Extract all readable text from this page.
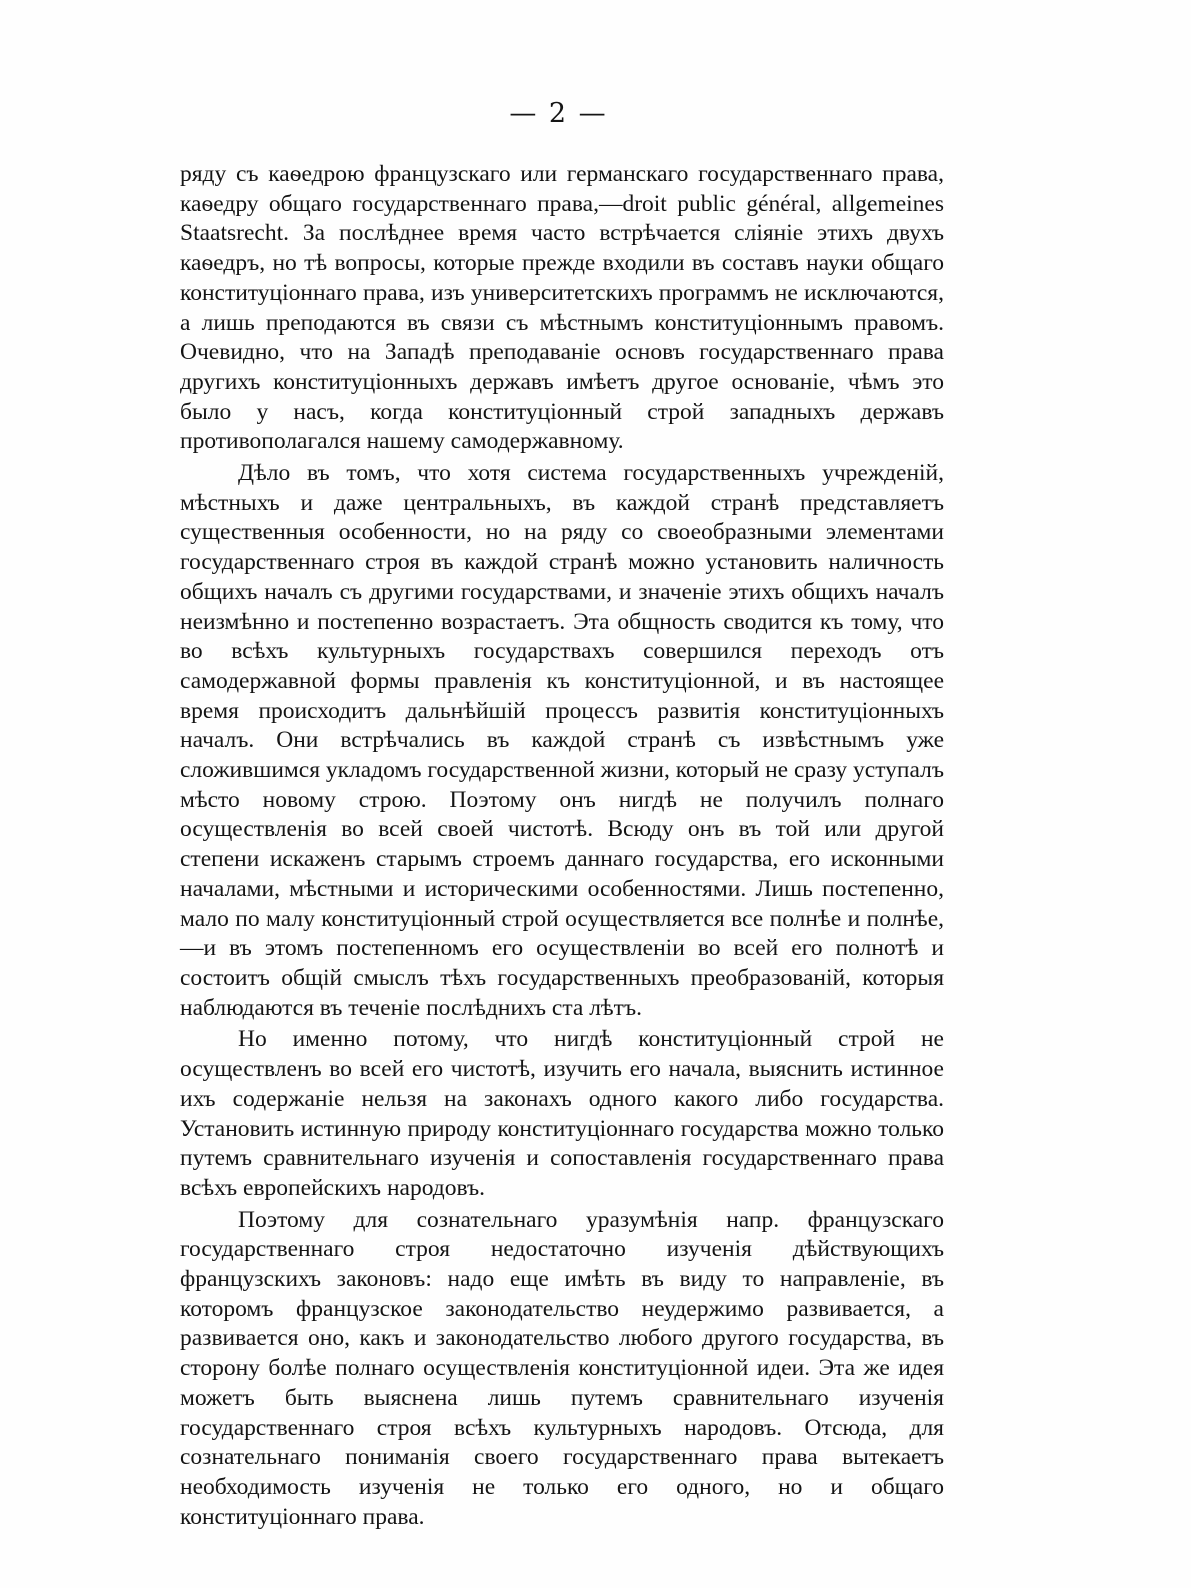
— 2 —

ряду съ каѳедрою французскаго или германскаго государственнаго права, каѳедру общаго государственнаго права,—droit public général, allgemeines Staatsrecht. За послѣднее время часто встрѣчается сліяніе этихъ двухъ каѳедръ, но тѣ вопросы, которые прежде входили въ составъ науки общаго конституціоннаго права, изъ университетскихъ программъ не исключаются, а лишь преподаются въ связи съ мѣстнымъ конституціоннымъ правомъ. Очевидно, что на Западѣ преподаваніе основъ государственнаго права другихъ конституціонныхъ державъ имѣетъ другое основаніе, чѣмъ это было у насъ, когда конституціонный строй западныхъ державъ противополагался нашему самодержавному.

Дѣло въ томъ, что хотя система государственныхъ учрежденій, мѣстныхъ и даже центральныхъ, въ каждой странѣ представляетъ существенныя особенности, но на ряду со своеобразными элементами государственнаго строя въ каждой странѣ можно установить наличность общихъ началъ съ другими государствами, и значеніе этихъ общихъ началъ неизмѣнно и постепенно возрастаетъ. Эта общность сводится къ тому, что во всѣхъ культурныхъ государствахъ совершился переходъ отъ самодержавной формы правленія къ конституціонной, и въ настоящее время происходитъ дальнѣйшій процессъ развитія конституціонныхъ началъ. Они встрѣчались въ каждой странѣ съ извѣстнымъ уже сложившимся укладомъ государственной жизни, который не сразу уступалъ мѣсто новому строю. Поэтому онъ нигдѣ не получилъ полнаго осуществленія во всей своей чистотѣ. Всюду онъ въ той или другой степени искаженъ старымъ строемъ даннаго государства, его исконными началами, мѣстными и историческими особенностями. Лишь постепенно, мало по малу конституціонный строй осуществляется все полнѣе и полнѣе,—и въ этомъ постепенномъ его осуществленіи во всей его полнотѣ и состоитъ общій смыслъ тѣхъ государственныхъ преобразованій, которыя наблюдаются въ теченіе послѣднихъ ста лѣтъ.

Но именно потому, что нигдѣ конституціонный строй не осуществленъ во всей его чистотѣ, изучить его начала, выяснить истинное ихъ содержаніе нельзя на законахъ одного какого либо государства. Установить истинную природу конституціоннаго государства можно только путемъ сравнительнаго изученія и сопоставленія государственнаго права всѣхъ европейскихъ народовъ.

Поэтому для сознательнаго уразумѣнія напр. французскаго государственнаго строя недостаточно изученія дѣйствующихъ французскихъ законовъ: надо еще имѣть въ виду то направленіе, въ которомъ французское законодательство неудержимо развивается, а развивается оно, какъ и законодательство любого другого государства, въ сторону болѣе полнаго осуществленія конституціонной идеи. Эта же идея можетъ быть выяснена лишь путемъ сравнительнаго изученія государственнаго строя всѣхъ культурныхъ народовъ. Отсюда, для сознательнаго пониманія своего государственнаго права вытекаетъ необходимость изученія не только его одного, но и общаго конституціоннаго права.
